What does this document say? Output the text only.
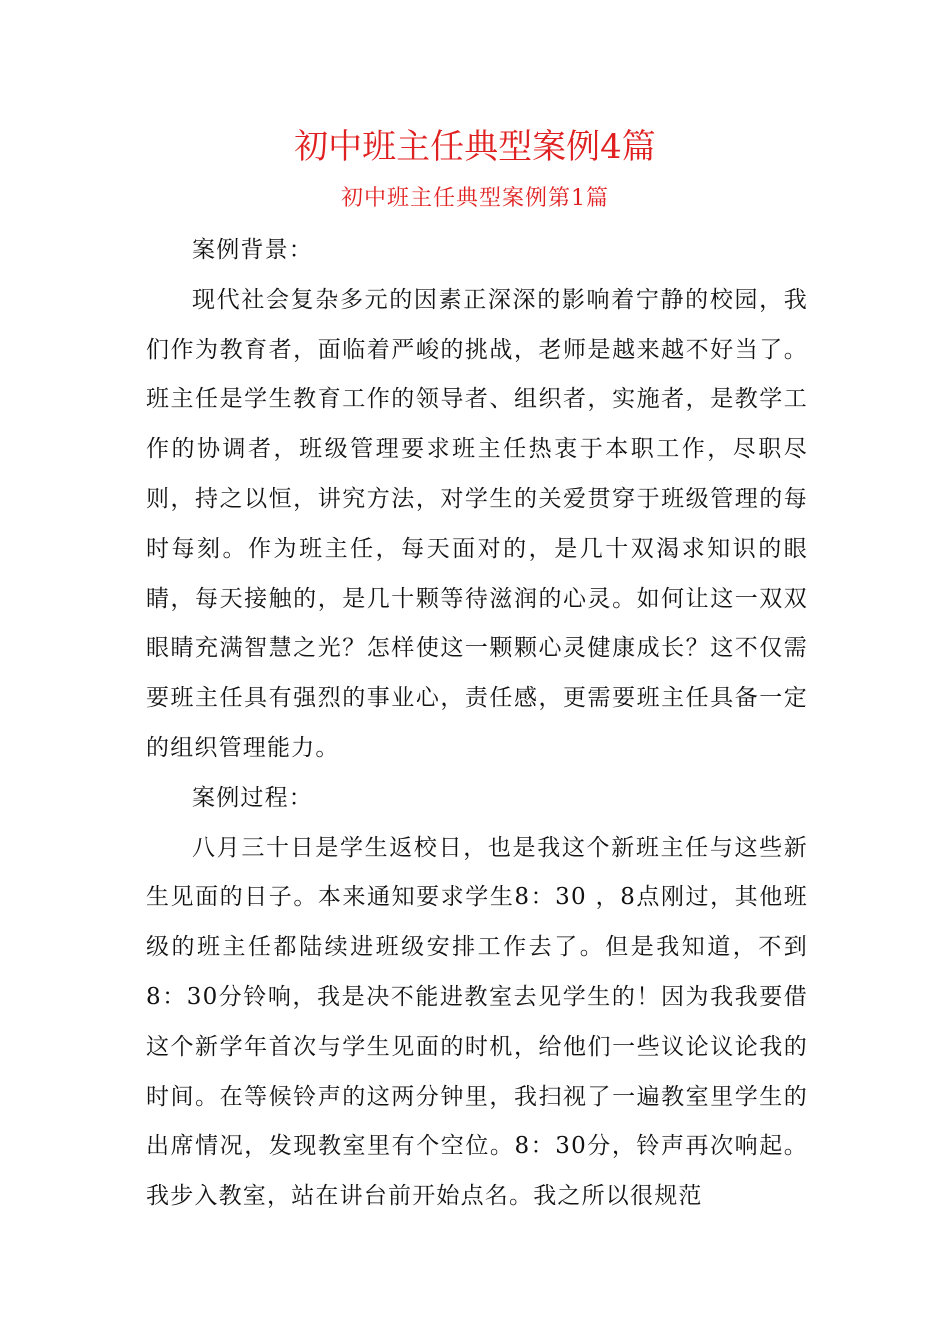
初中班主任典型案例4篇
初中班主任典型案例第1篇

案例背景：

现代社会复杂多元的因素正深深的影响着宁静的校园，我们作为教育者，面临着严峻的挑战，老师是越来越不好当了。班主任是学生教育工作的领导者、组织者，实施者，是教学工作的协调者，班级管理要求班主任热衷于本职工作，尽职尽则，持之以恒，讲究方法，对学生的关爱贯穿于班级管理的每时每刻。作为班主任，每天面对的，是几十双渴求知识的眼睛，每天接触的，是几十颗等待滋润的心灵。如何让这一双双眼睛充满智慧之光？怎样使这一颗颗心灵健康成长？这不仅需要班主任具有强烈的事业心，责任感，更需要班主任具备一定的组织管理能力。

案例过程：

八月三十日是学生返校日，也是我这个新班主任与这些新生见面的日子。本来通知要求学生8：30 ，8点刚过，其他班级的班主任都陆续进班级安排工作去了。但是我知道，不到8：30分铃响，我是决不能进教室去见学生的！因为我我要借这个新学年首次与学生见面的时机，给他们一些议论议论我的时间。在等候铃声的这两分钟里，我扫视了一遍教室里学生的出席情况，发现教室里有个空位。8：30分，铃声再次响起。我步入教室，站在讲台前开始点名。我之所以很规范
